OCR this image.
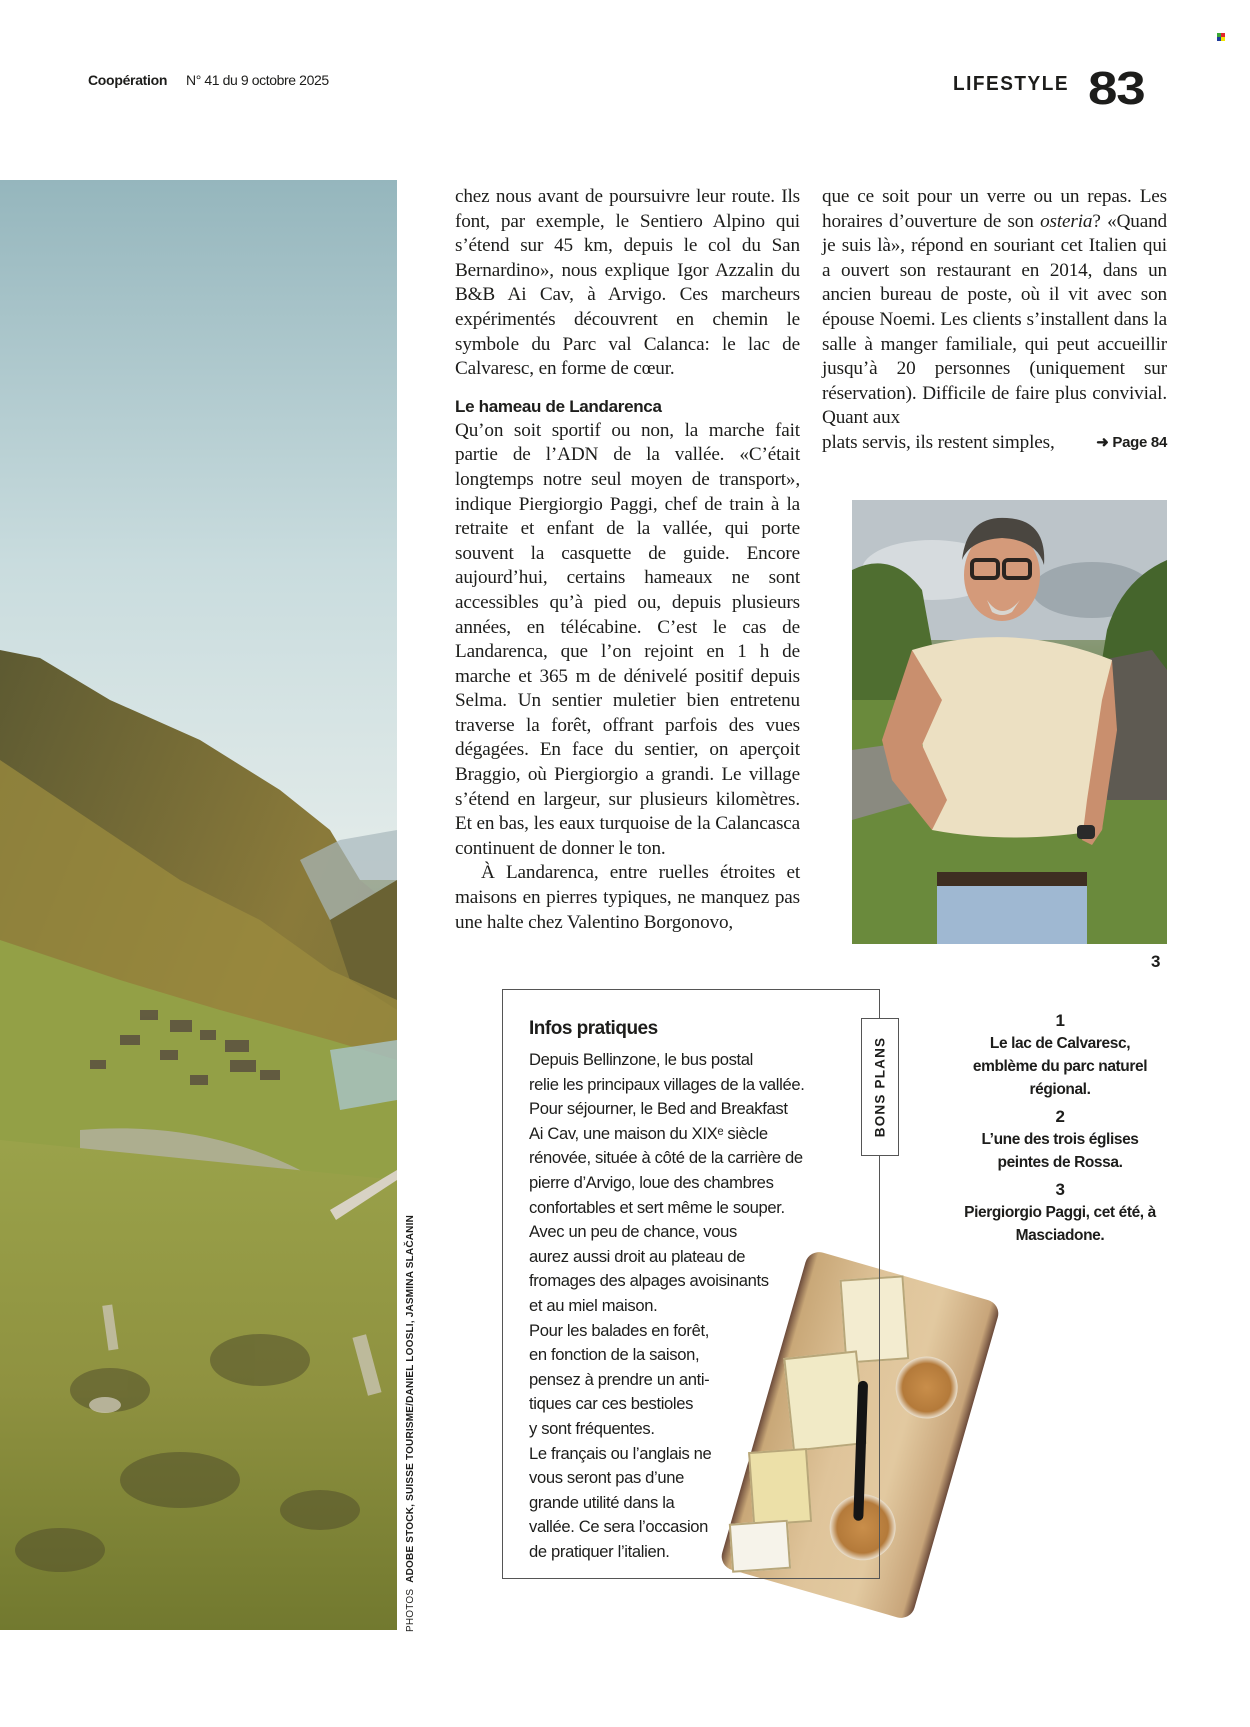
Coopération N° 41 du 9 octobre 2025	LIFESTYLE 83
PHOTOS  ADOBE STOCK, SUISSE TOURISME/DANIEL LOOSLI, JASMINA SLAČANIN

chez nous avant de poursuivre leur route. Ils font, par exemple, le Sentiero Alpino qui s’étend sur 45 km, depuis le col du San Bernardino», nous explique Igor Azzalin du B&B Ai Cav, à Arvigo. Ces marcheurs expérimentés découvrent en chemin le symbole du Parc val Calanca: le lac de Calvaresc, en forme de cœur.

Le hameau de Landarenca

Qu’on soit sportif ou non, la marche fait partie de l’ADN de la vallée. «C’était longtemps notre seul moyen de transport», indique Piergiorgio Paggi, chef de train à la retraite et enfant de la vallée, qui porte souvent la casquette de guide. Encore aujourd’hui, certains hameaux ne sont accessibles qu’à pied ou, depuis plusieurs années, en télécabine. C’est le cas de Landarenca, que l’on rejoint en 1 h de marche et 365 m de dénivelé positif depuis Selma. Un sentier muletier bien entretenu traverse la forêt, offrant parfois des vues dégagées. En face du sentier, on aperçoit Braggio, où Piergiorgio a grandi. Le village s’étend en largeur, sur plusieurs kilomètres. Et en bas, les eaux turquoise de la Calancasca continuent de donner le ton.

À Landarenca, entre ruelles étroites et maisons en pierres typiques, ne manquez pas une halte chez Valentino Borgonovo,

que ce soit pour un verre ou un repas. Les horaires d’ouverture de son osteria? «Quand je suis là», répond en souriant cet Italien qui a ouvert son restaurant en 2014, dans un ancien bureau de poste, où il vit avec son épouse Noemi. Les clients s’installent dans la salle à manger familiale, qui peut accueillir jusqu’à 20 personnes (uniquement sur réservation). Difficile de faire plus convivial. Quant aux

plats servis, ils restent simples,	➜ Page 84

3
Infos pratiques
Depuis Bellinzone, le bus postal
relie les principaux villages de la vallée.
Pour séjourner, le Bed and Breakfast
Ai Cav, une maison du XIXᵉ siècle
rénovée, située à côté de la carrière de
pierre d’Arvigo, loue des chambres
confortables et sert même le souper.
Avec un peu de chance, vous
aurez aussi droit au plateau de
fromages des alpages avoisinants
et au miel maison.
Pour les balades en forêt,
en fonction de la saison,
pensez à prendre un anti-
tiques car ces bestioles
y sont fréquentes.
Le français ou l’anglais ne
vous seront pas d’une
grande utilité dans la
vallée. Ce sera l’occasion
de pratiquer l’italien.
BONS PLANS
1
Le lac de Calvaresc, emblème du parc naturel régional.
2
L’une des trois églises peintes de Rossa.
3
Piergiorgio Paggi, cet été, à Masciadone.
